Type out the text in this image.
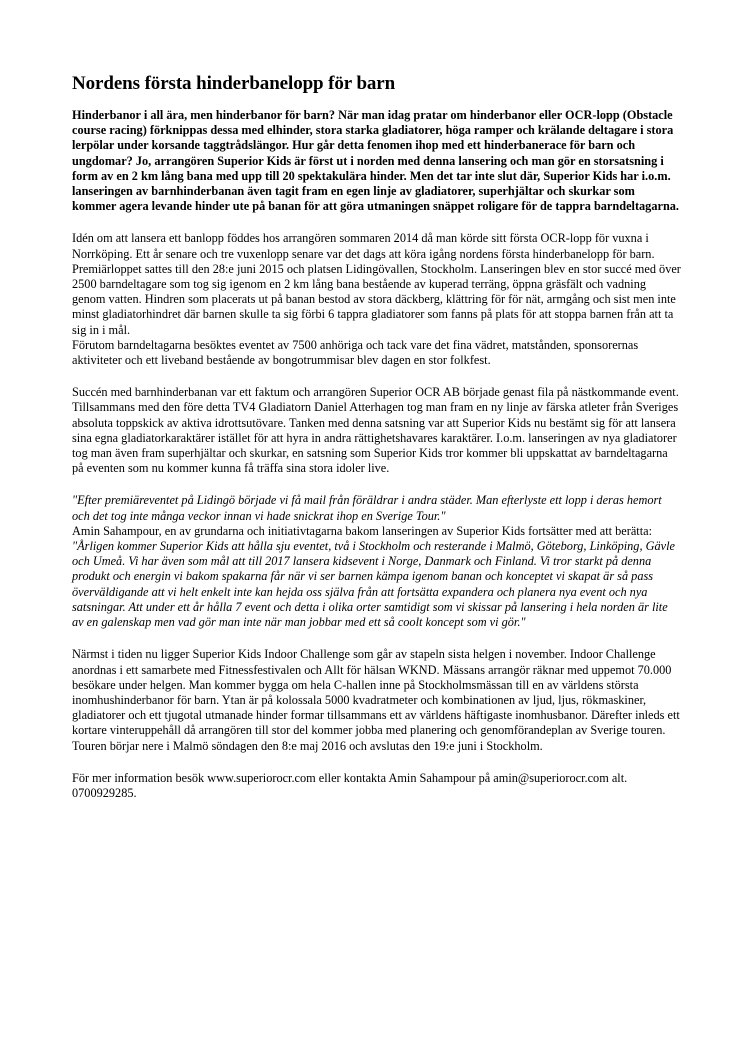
Nordens första hinderbanelopp för barn

Hinderbanor i all ära, men hinderbanor för barn? När man idag pratar om hinderbanor eller OCR-lopp (Obstacle course racing) förknippas dessa med elhinder, stora starka gladiatorer, höga ramper och krälande deltagare i stora lerpölar under korsande taggtrådslängor. Hur går detta fenomen ihop med ett hinderbanerace för barn och ungdomar? Jo, arrangören Superior Kids är först ut i norden med denna lansering och man gör en storsatsning i form av en 2 km lång bana med upp till 20 spektakulära hinder. Men det tar inte slut där, Superior Kids har i.o.m. lanseringen av barnhinderbanan även tagit fram en egen linje av gladiatorer, superhjältar och skurkar som kommer agera levande hinder ute på banan för att göra utmaningen snäppet roligare för de tappra barndeltagarna.

Idén om att lansera ett banlopp föddes hos arrangören sommaren 2014 då man körde sitt första OCR-lopp för vuxna i Norrköping. Ett år senare och tre vuxenlopp senare var det dags att köra igång nordens första hinderbanelopp för barn. Premiärloppet sattes till den 28:e juni 2015 och platsen Lidingövallen, Stockholm. Lanseringen blev en stor succé med över 2500 barndeltagare som tog sig igenom en 2 km lång bana bestående av kuperad terräng, öppna gräsfält och vadning genom vatten. Hindren som placerats ut på banan bestod av stora däckberg, klättring för för nät, armgång och sist men inte minst gladiatorhindret där barnen skulle ta sig förbi 6 tappra gladiatorer som fanns på plats för att stoppa barnen från att ta sig in i mål.

Förutom barndeltagarna besöktes eventet av 7500 anhöriga och tack vare det fina vädret, matstånden, sponsorernas aktiviteter och ett liveband bestående av bongotrummisar blev dagen en stor folkfest.

Succén med barnhinderbanan var ett faktum och arrangören Superior OCR AB började genast fila på nästkommande event. Tillsammans med den före detta TV4 Gladiatorn Daniel Atterhagen tog man fram en ny linje av färska atleter från Sveriges absoluta toppskick av aktiva idrottsutövare. Tanken med denna satsning var att Superior Kids nu bestämt sig för att lansera sina egna gladiatorkaraktärer istället för att hyra in andra rättighetshavares karaktärer. I.o.m. lanseringen av nya gladiatorer tog man även fram superhjältar och skurkar, en satsning som Superior Kids tror kommer bli uppskattat av barndeltagarna på eventen som nu kommer kunna få träffa sina stora idoler live.

"Efter premiäreventet på Lidingö började vi få mail från föräldrar i andra städer. Man efterlyste ett lopp i deras hemort och det tog inte många veckor innan vi hade snickrat ihop en Sverige Tour."

Amin Sahampour, en av grundarna och initiativtagarna bakom lanseringen av Superior Kids fortsätter med att berätta:

"Årligen kommer Superior Kids att hålla sju eventet, två i Stockholm och resterande i Malmö, Göteborg, Linköping, Gävle och Umeå. Vi har även som mål att till 2017 lansera kidsevent i Norge, Danmark och Finland. Vi tror starkt på denna produkt och energin vi bakom spakarna får när vi ser barnen kämpa igenom banan och konceptet vi skapat är så pass överväldigande att vi helt enkelt inte kan hejda oss själva från att fortsätta expandera och planera nya event och nya satsningar. Att under ett år hålla 7 event och detta i olika orter samtidigt som vi skissar på lansering i hela norden är lite av en galenskap men vad gör man inte när man jobbar med ett så coolt koncept som vi gör."

Närmst i tiden nu ligger Superior Kids Indoor Challenge som går av stapeln sista helgen i november. Indoor Challenge anordnas i ett samarbete med Fitnessfestivalen och Allt för hälsan WKND. Mässans arrangör räknar med uppemot 70.000 besökare under helgen. Man kommer bygga om hela C-hallen inne på Stockholmsmässan till en av världens största inomhushinderbanor för barn. Ytan är på kolossala 5000 kvadratmeter och kombinationen av ljud, ljus, rökmaskiner, gladiatorer och ett tjugotal utmanade hinder formar tillsammans ett av världens häftigaste inomhusbanor. Därefter inleds ett kortare vinteruppehåll då arrangören till stor del kommer jobba med planering och genomförandeplan av Sverige touren. Touren börjar nere i Malmö söndagen den 8:e maj 2016 och avslutas den 19:e juni i Stockholm.

För mer information besök www.superiorocr.com eller kontakta Amin Sahampour på amin@superiorocr.com alt. 0700929285.
